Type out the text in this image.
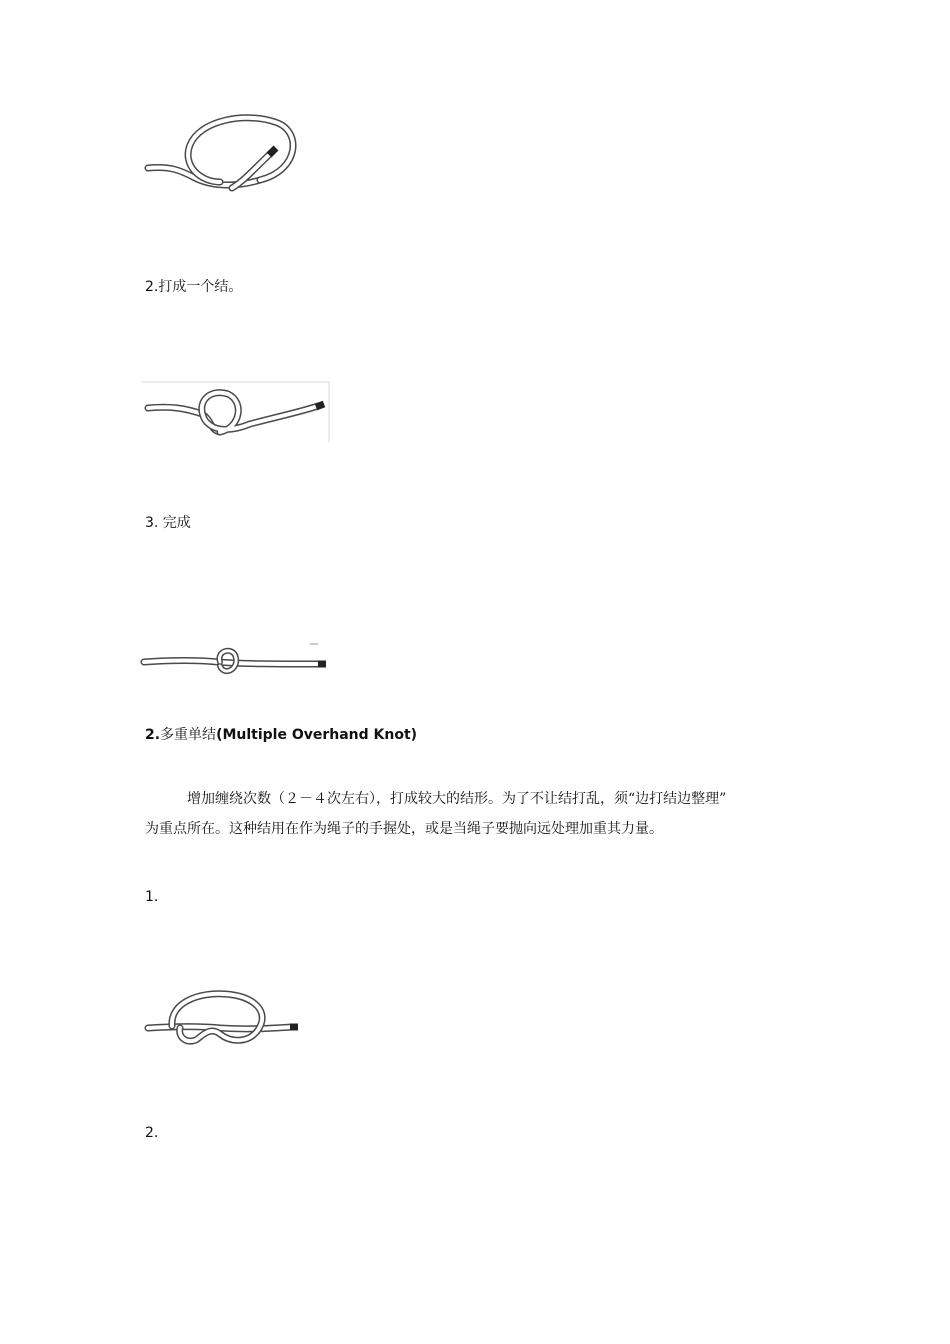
2.打成一个结。
3. 完成
2.多重单结(Multiple Overhand Knot)

增加缠绕次数（２－４次左右），打成较大的结形。为了不让结打乱，须“边打结边整理”

为重点所在。这种结用在作为绳子的手握处，或是当绳子要抛向远处理加重其力量。

1.
2.
